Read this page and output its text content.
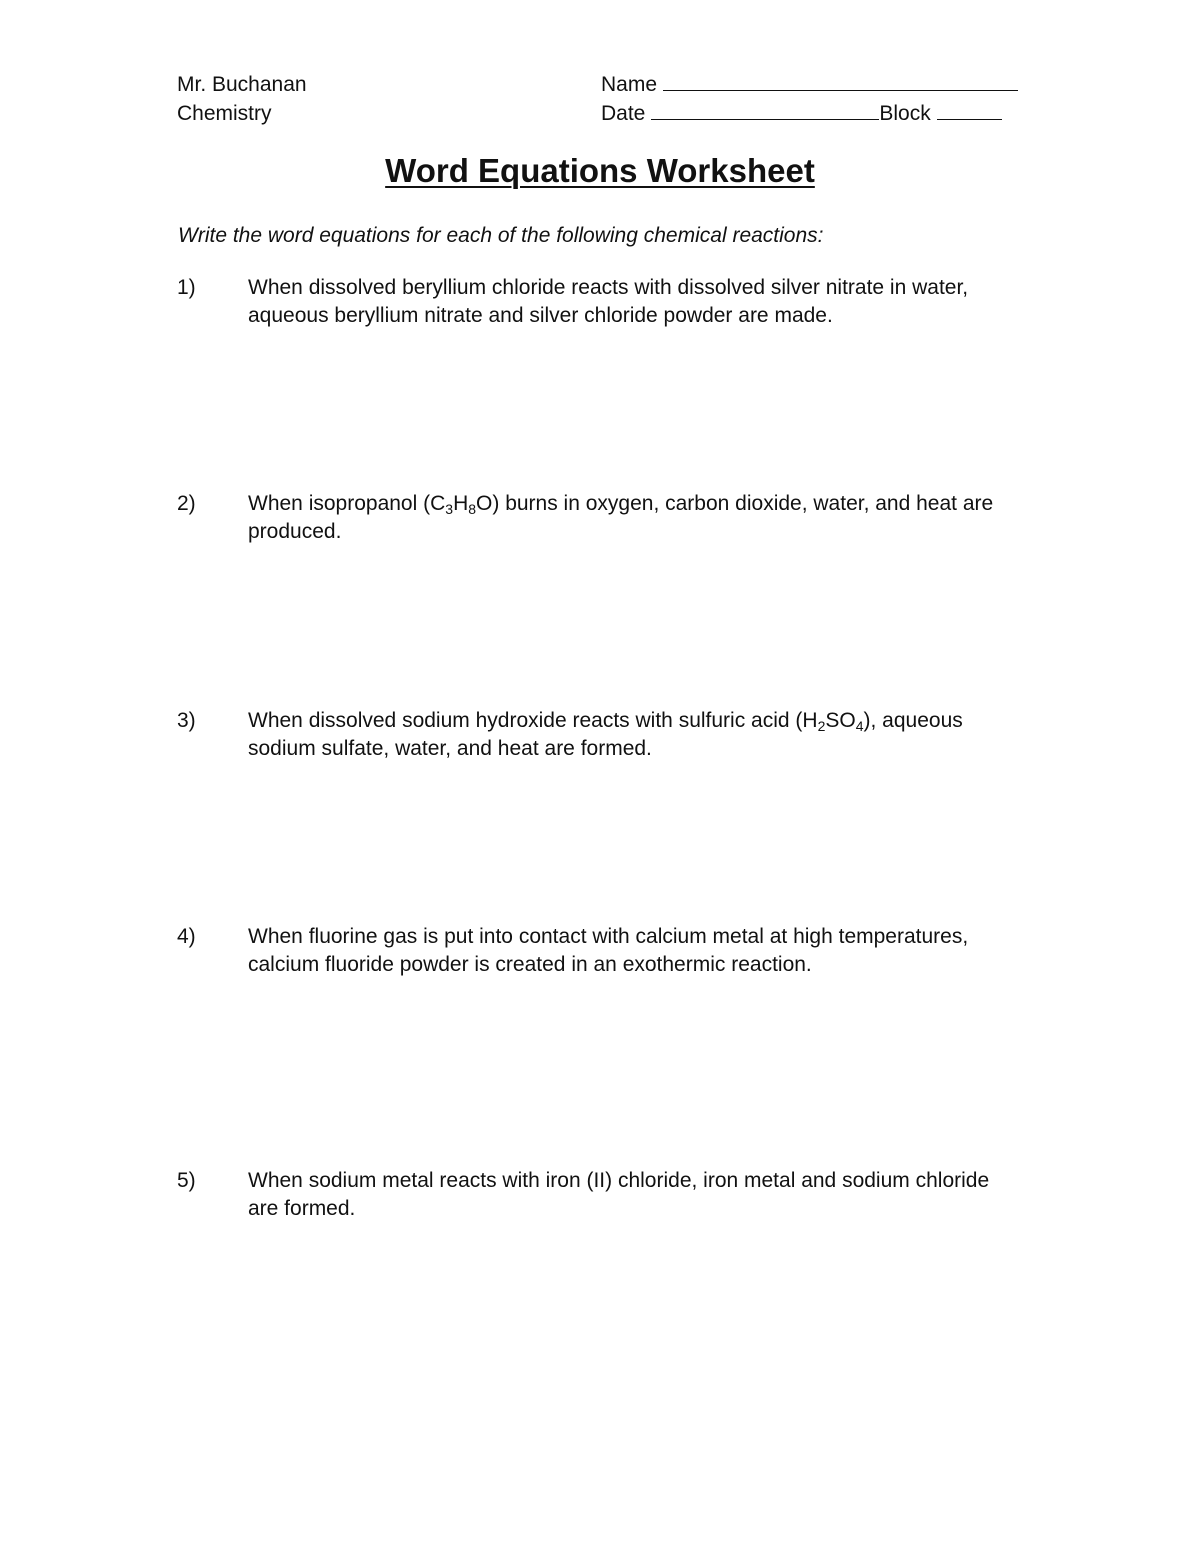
Mr. Buchanan
Chemistry
Name
Date	Block
Word Equations Worksheet
Write the word equations for each of the following chemical reactions:
1) When dissolved beryllium chloride reacts with dissolved silver nitrate in water, aqueous beryllium nitrate and silver chloride powder are made.
2) When isopropanol $(C_3H_8O)$ burns in oxygen, carbon dioxide, water, and heat are produced.
3) When dissolved sodium hydroxide reacts with sulfuric acid $(H_2SO_4)$, aqueous sodium sulfate, water, and heat are formed.
4) When fluorine gas is put into contact with calcium metal at high temperatures, calcium fluoride powder is created in an exothermic reaction.
5) When sodium metal reacts with iron (II) chloride, iron metal and sodium chloride are formed.
